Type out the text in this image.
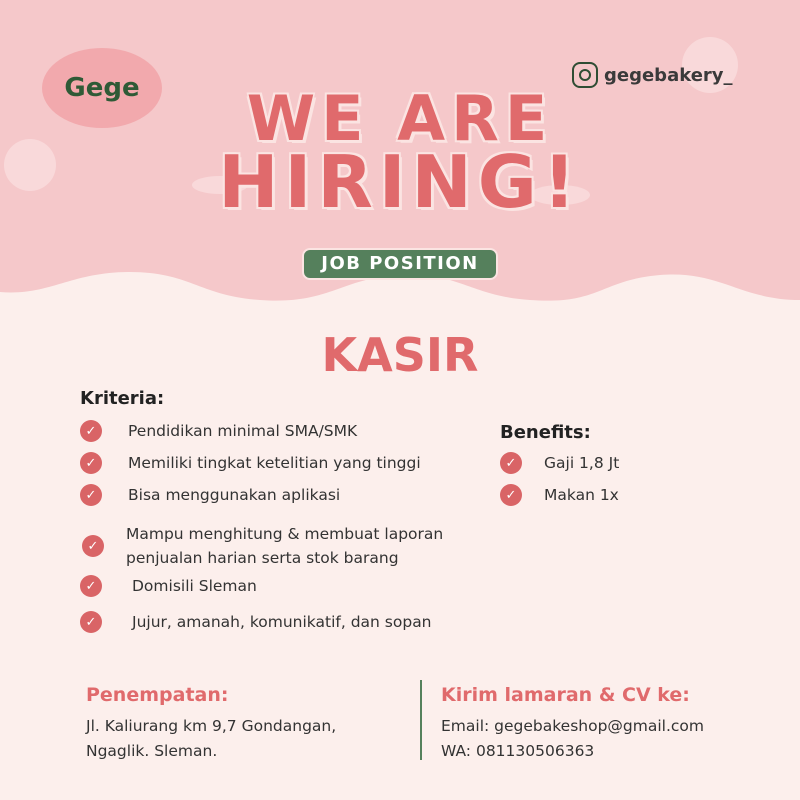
Gege	gegebakery_
WE ARE
HIRING!
JOB POSITION
KASIR
Kriteria:
✓	Pendidikan minimal SMA/SMK
✓	Memiliki tingkat ketelitian yang tinggi
✓	Bisa menggunakan aplikasi
✓
Mampu menghitung & membuat laporan
penjualan harian serta stok barang
✓	Domisili Sleman
✓	Jujur, amanah, komunikatif, dan sopan
Benefits:
✓	Gaji 1,8 Jt
✓	Makan 1x
Penempatan:
Jl. Kaliurang km 9,7 Gondangan,
Ngaglik. Sleman.
Kirim lamaran & CV ke:
Email: gegebakeshop@gmail.com
WA: 081130506363
